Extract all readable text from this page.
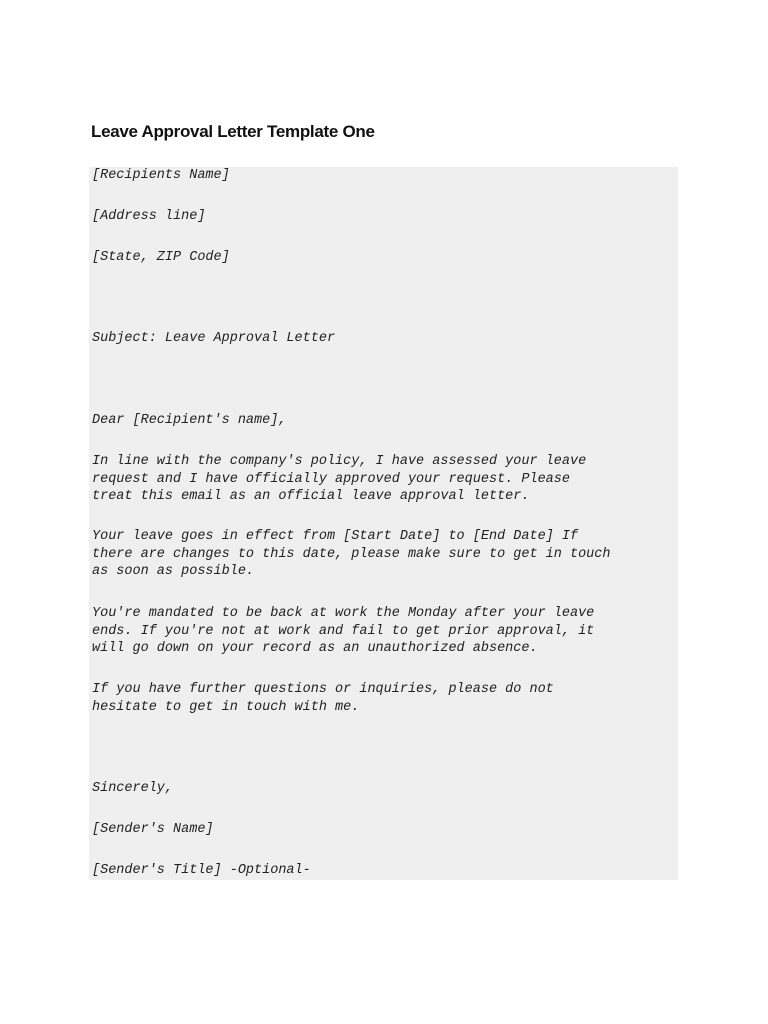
Leave Approval Letter Template One

[Recipients Name]

[Address line]

[State, ZIP Code]

Subject: Leave Approval Letter

Dear [Recipient's name],

In line with the company's policy, I have assessed your leave
request and I have officially approved your request. Please
treat this email as an official leave approval letter.

Your leave goes in effect from [Start Date] to [End Date] If
there are changes to this date, please make sure to get in touch
as soon as possible.

You're mandated to be back at work the Monday after your leave
ends. If you're not at work and fail to get prior approval, it
will go down on your record as an unauthorized absence.

If you have further questions or inquiries, please do not
hesitate to get in touch with me.

Sincerely,

[Sender's Name]

[Sender's Title] -Optional-
